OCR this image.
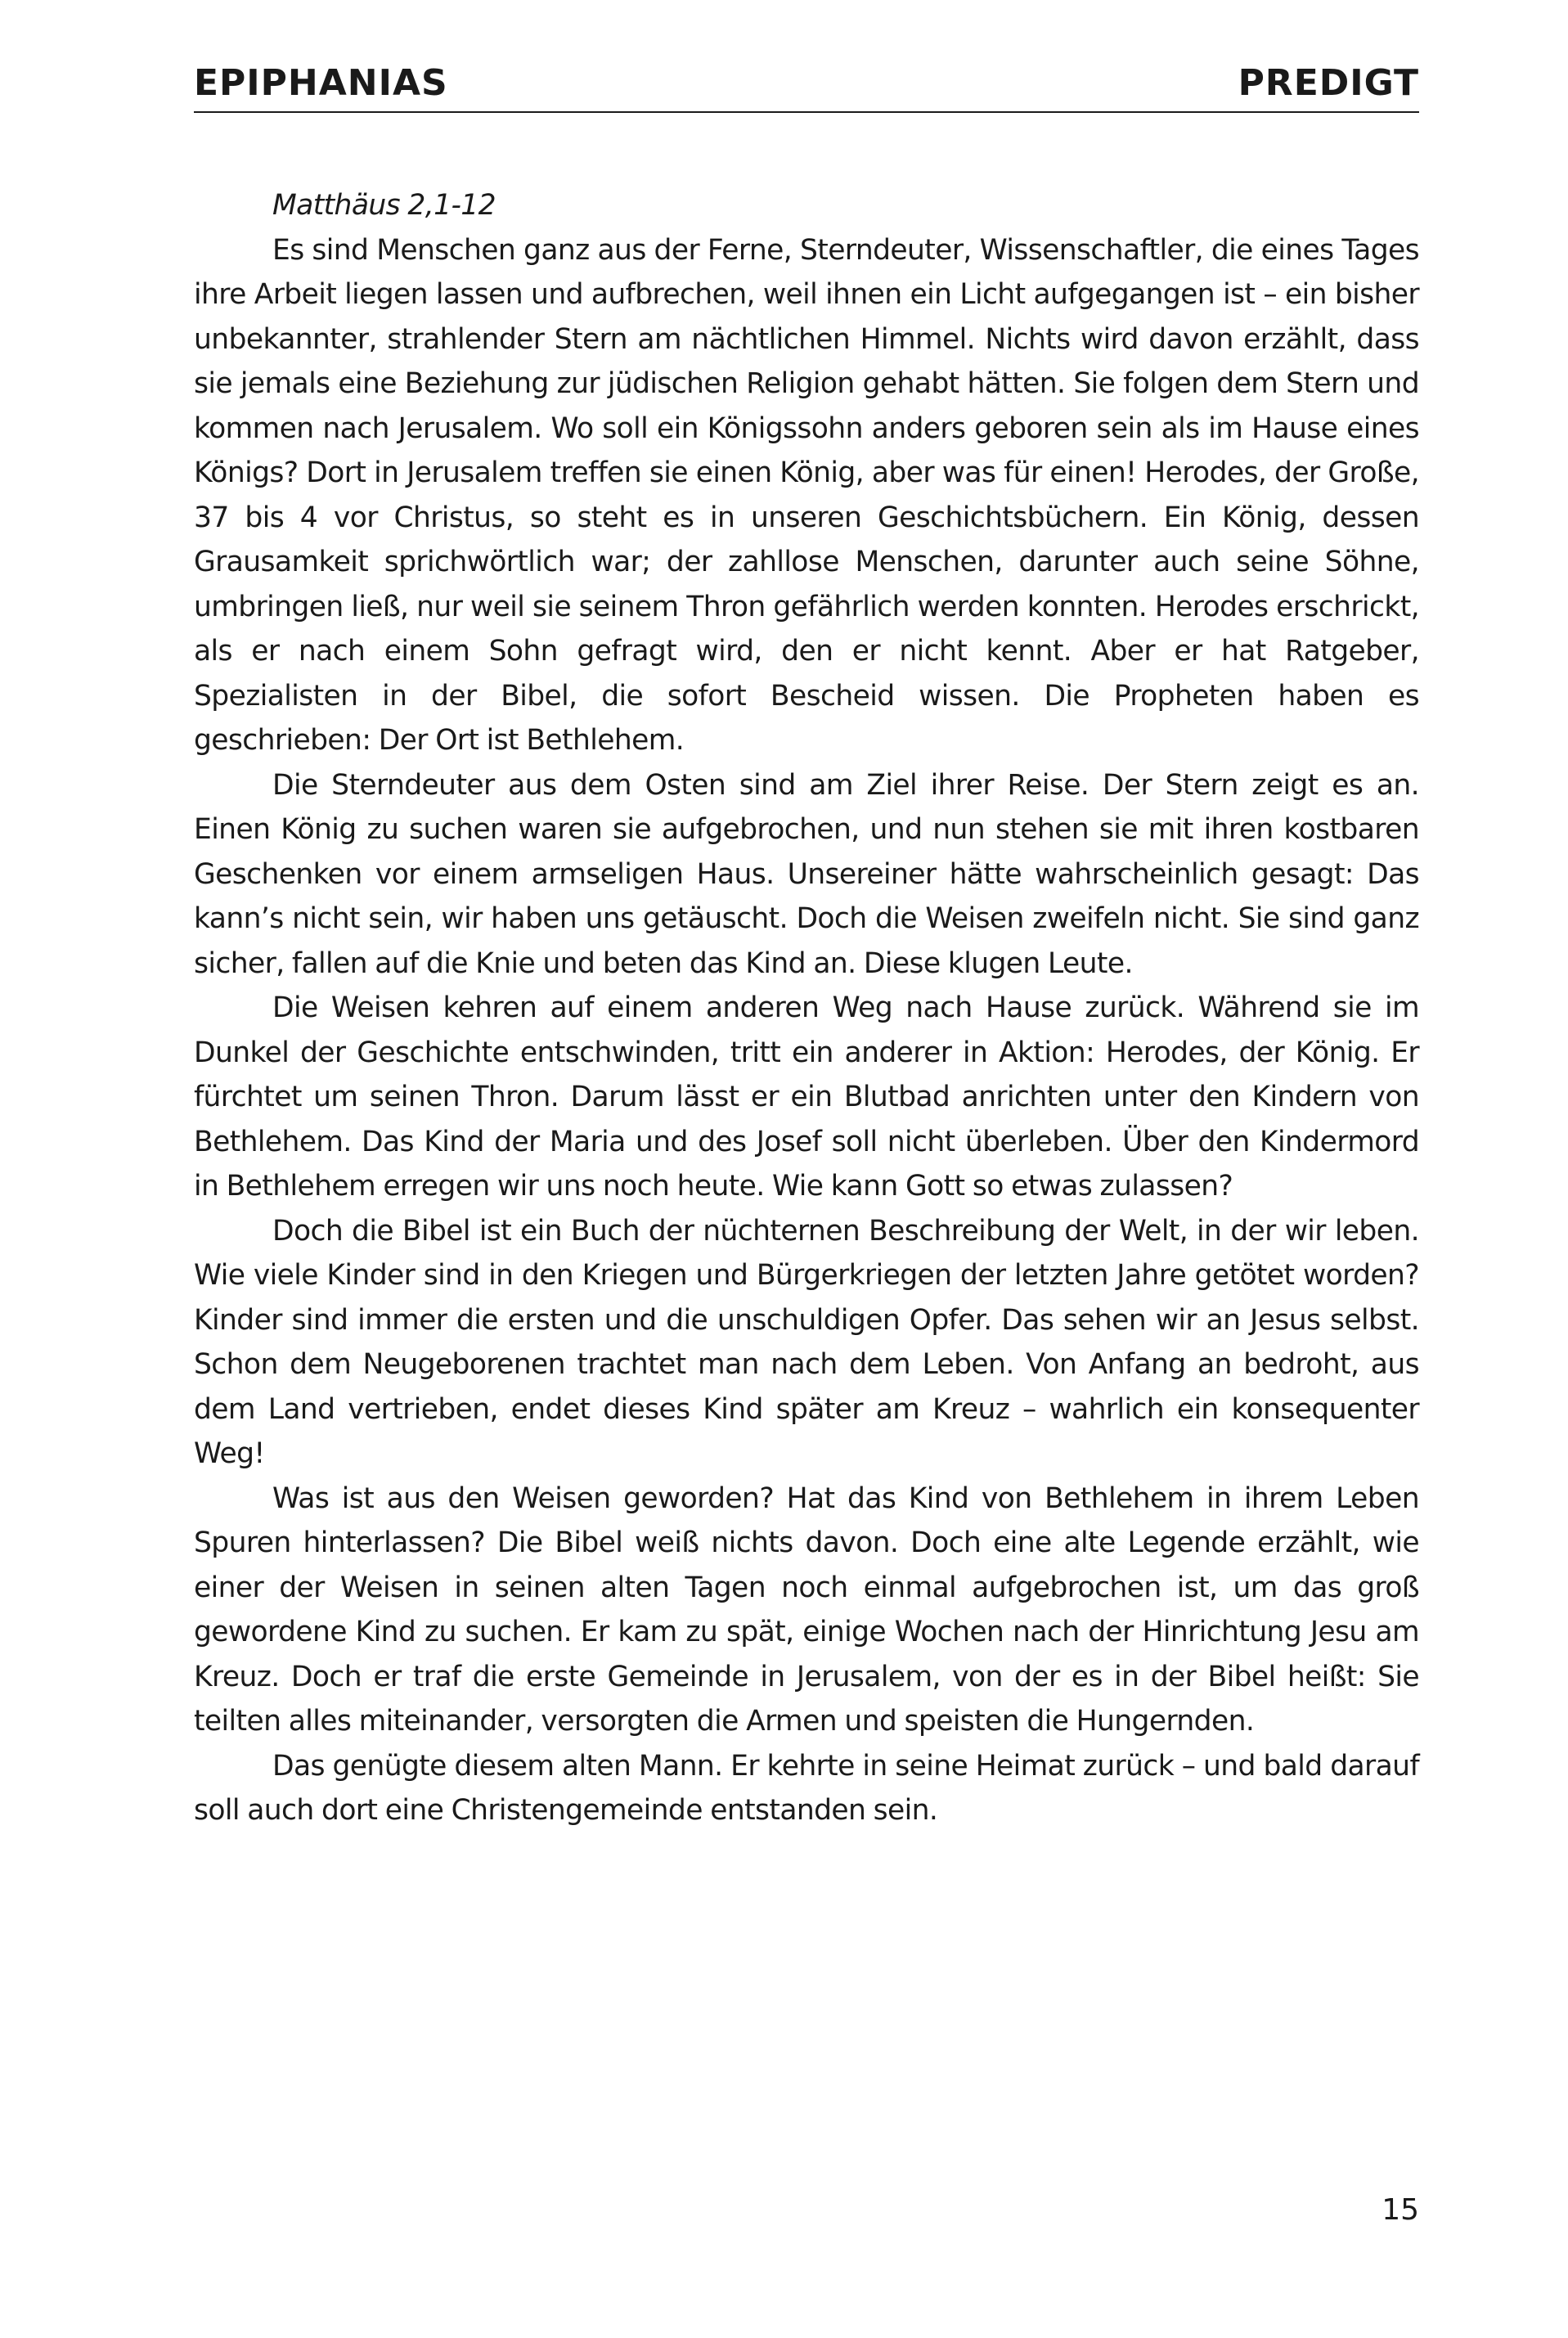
EPIPHANIAS	PREDIGT

Matthäus 2,1-12

Es sind Menschen ganz aus der Ferne, Sterndeuter, Wissenschaftler, die eines Tages ihre Arbeit liegen lassen und aufbrechen, weil ihnen ein Licht aufgegangen ist – ein bisher unbekannter, strahlender Stern am nächtlichen Himmel. Nichts wird davon erzählt, dass sie jemals eine Beziehung zur jüdischen Religion gehabt hätten. Sie folgen dem Stern und kommen nach Jerusalem. Wo soll ein Königssohn anders geboren sein als im Hause eines Königs? Dort in Jerusalem treffen sie einen König, aber was für einen! Herodes, der Große, 37 bis 4 vor Christus, so steht es in unseren Geschichtsbüchern. Ein König, dessen Grausamkeit sprichwörtlich war; der zahllose Menschen, darunter auch seine Söhne, umbringen ließ, nur weil sie seinem Thron gefährlich werden konnten. Herodes erschrickt, als er nach einem Sohn gefragt wird, den er nicht kennt. Aber er hat Ratgeber, Spezialisten in der Bibel, die sofort Bescheid wissen. Die Propheten haben es geschrieben: Der Ort ist Bethlehem.

Die Sterndeuter aus dem Osten sind am Ziel ihrer Reise. Der Stern zeigt es an. Einen König zu suchen waren sie aufgebrochen, und nun stehen sie mit ihren kostbaren Geschenken vor einem armseligen Haus. Unsereiner hätte wahrscheinlich gesagt: Das kann’s nicht sein, wir haben uns getäuscht. Doch die Weisen zweifeln nicht. Sie sind ganz sicher, fallen auf die Knie und beten das Kind an. Diese klugen Leute.

Die Weisen kehren auf einem anderen Weg nach Hause zurück. Während sie im Dunkel der Geschichte entschwinden, tritt ein anderer in Aktion: Herodes, der König. Er fürchtet um seinen Thron. Darum lässt er ein Blutbad anrichten unter den Kindern von Bethlehem. Das Kind der Maria und des Josef soll nicht überleben. Über den Kindermord in Bethlehem erregen wir uns noch heute. Wie kann Gott so etwas zulassen?

Doch die Bibel ist ein Buch der nüchternen Beschreibung der Welt, in der wir leben. Wie viele Kinder sind in den Kriegen und Bürgerkriegen der letzten Jahre getötet worden? Kinder sind immer die ersten und die unschuldigen Opfer. Das sehen wir an Jesus selbst. Schon dem Neugeborenen trachtet man nach dem Leben. Von Anfang an bedroht, aus dem Land vertrieben, endet dieses Kind später am Kreuz – wahrlich ein konsequenter Weg!

Was ist aus den Weisen geworden? Hat das Kind von Bethlehem in ihrem Leben Spuren hinterlassen? Die Bibel weiß nichts davon. Doch eine alte Legende erzählt, wie einer der Weisen in seinen alten Tagen noch einmal aufgebrochen ist, um das groß gewordene Kind zu suchen. Er kam zu spät, einige Wochen nach der Hinrichtung Jesu am Kreuz. Doch er traf die erste Gemeinde in Jerusalem, von der es in der Bibel heißt: Sie teilten alles miteinander, versorgten die Armen und speisten die Hungernden.

Das genügte diesem alten Mann. Er kehrte in seine Heimat zurück – und bald darauf soll auch dort eine Christengemeinde entstanden sein.

15
